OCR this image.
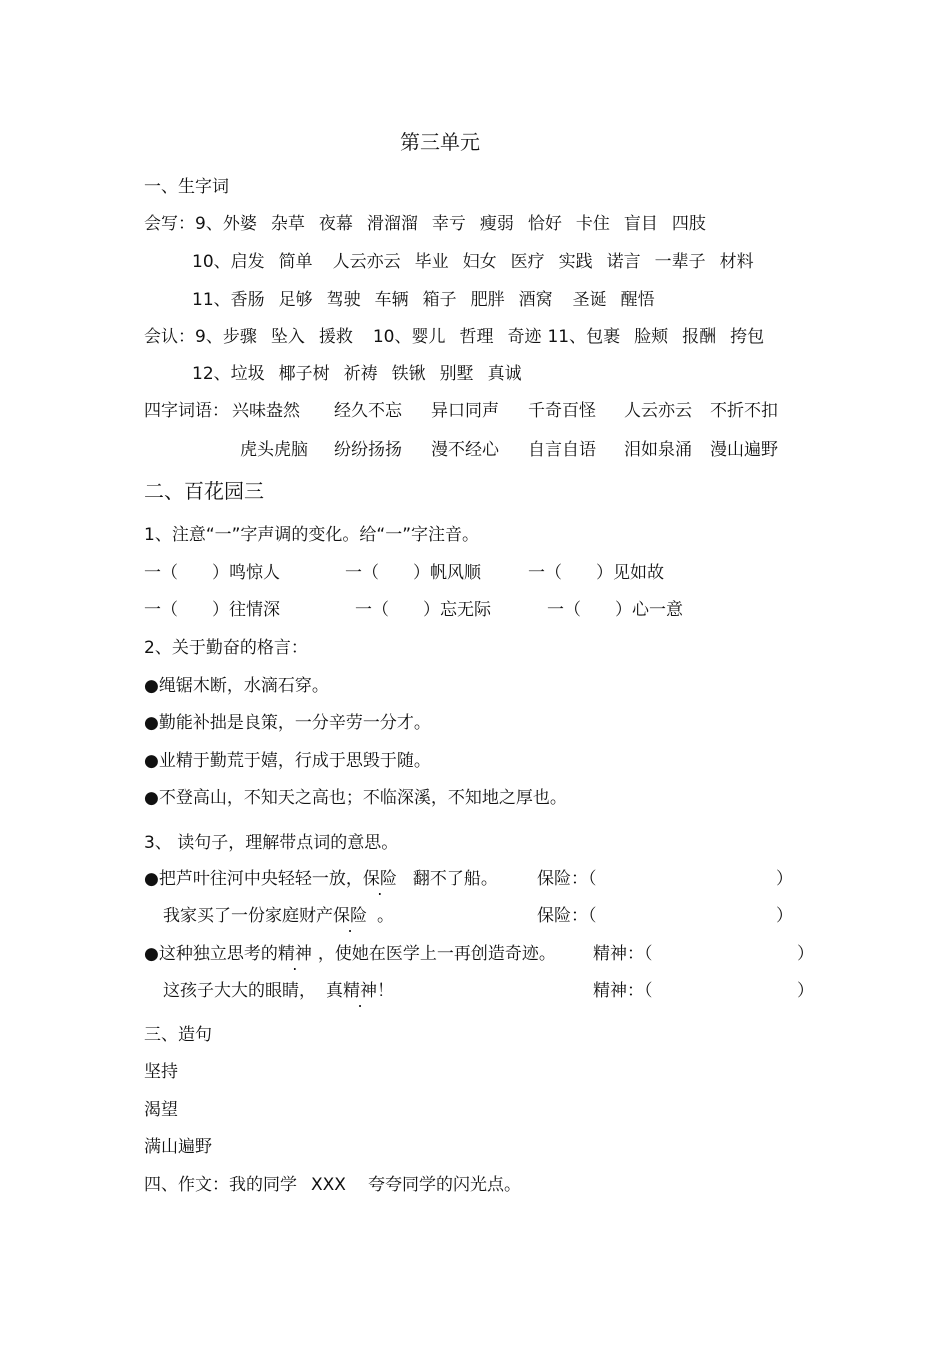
第三单元
一、生字词
会写：9、外婆 杂草 夜幕 滑溜溜 幸亏 瘦弱 恰好 卡住 盲目 四肢
10、启发 简单 人云亦云 毕业 妇女 医疗 实践 诺言 一辈子 材料
11、香肠 足够 驾驶 车辆 箱子 肥胖 酒窝 圣诞 醒悟
会认：9、步骤 坠入 援救 10、婴儿 哲理 奇迹 11、包裹 脸颊 报酬 挎包
12、垃圾 椰子树 祈祷 铁锹 别墅 真诚
四字词语： 兴味盎然 经久不忘 异口同声 千奇百怪 人云亦云 不折不扣
虎头虎脑 纷纷扬扬 漫不经心 自言自语 泪如泉涌 漫山遍野
二、百花园三
1、注意“一”字声调的变化。给“一”字注音。
一（　　）鸣惊人	一（　　）帆风顺	一（　　）见如故
一（　　）往情深	一（　　）忘无际	一（　　）心一意
2、关于勤奋的格言：
●绳锯木断，水滴石穿。
●勤能补拙是良策，一分辛劳一分才。
●业精于勤荒于嬉，行成于思毁于随。
●不登高山，不知天之高也；不临深溪，不知地之厚也。
3、 读句子，理解带点词的意思。
●把芦叶往河中央轻轻一放，保险 翻不了船。 保险：（	）
我家买了一份家庭财产保险 。	保险：（	）
●这种独立思考的精神 ，使她在医学上一再创造奇迹。 精神：（	）
这孩子大大的眼睛， 真精神！	精神：（	）
三、造句
坚持
渴望
满山遍野
四、作文：我的同学 XXX 夸夸同学的闪光点。
